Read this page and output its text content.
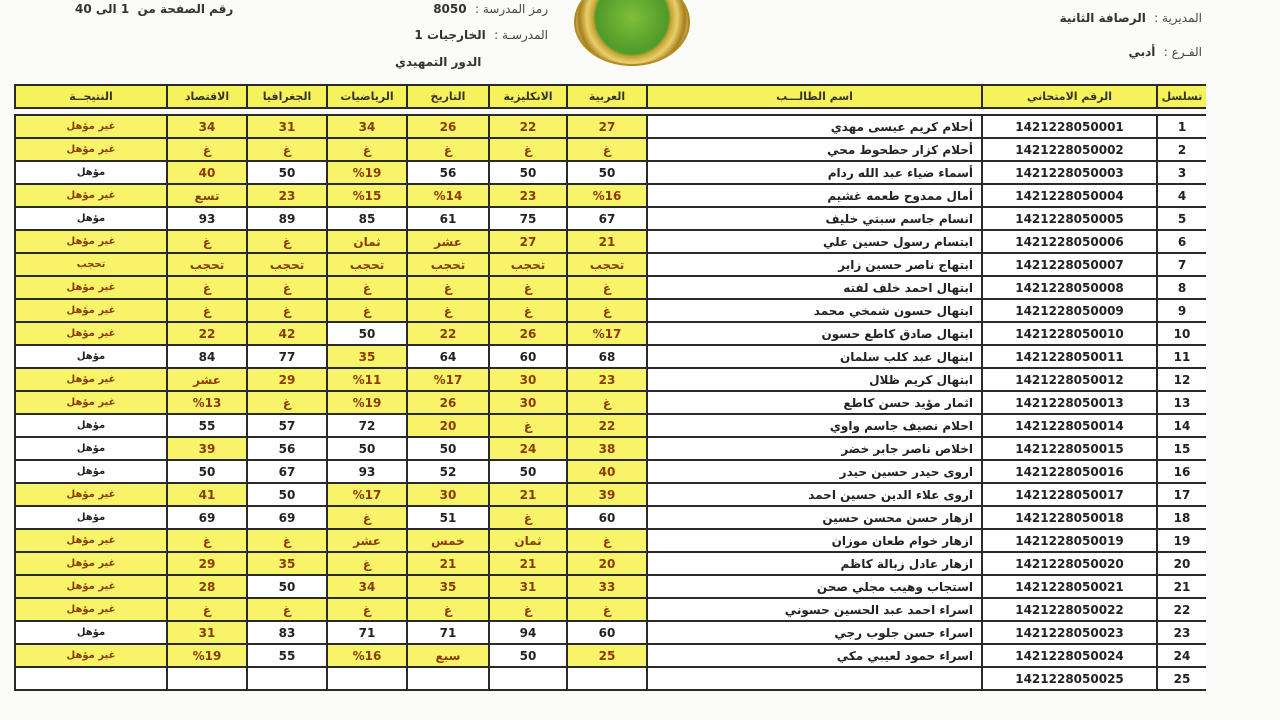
رقم الصفحة من  1 الى 40	رمز المدرسة :  8050
المدرسـة :  الخارجيات 1
الدور التمهيدي
المديرية :  الرصافة الثانية
الفـرع :  أدبي
تسلسل	الرقم الامتحاني	اسم الطالـــب	العربية	الانكليزية	التاريخ	الرياضيات	الجغرافيا	الاقتصاد	النتيجــة

1	1421228050001	أحلام كريم عيسى مهدي	27	22	26	34	31	34	غير مؤهل
2	1421228050002	أحلام كزار حطحوط محي	غ	غ	غ	غ	غ	غ	غير مؤهل
3	1421228050003	أسماء ضياء عبد الله ردام	50	50	56	%19	50	40	مؤهل
4	1421228050004	أمال ممدوح طعمه غشيم	%16	23	%14	%15	23	تسع	غير مؤهل
5	1421228050005	انسام جاسم سبتي خليف	67	75	61	85	89	93	مؤهل
6	1421228050006	ابتسام رسول حسين علي	21	27	عشر	ثمان	غ	غ	غير مؤهل
7	1421228050007	ابتهاج ناصر حسين زاير	تحجب	تحجب	تحجب	تحجب	تحجب	تحجب	تحجب
8	1421228050008	ابتهال احمد خلف لفته	غ	غ	غ	غ	غ	غ	غير مؤهل
9	1421228050009	ابتهال حسون شمخي محمد	غ	غ	غ	غ	غ	غ	غير مؤهل
10	1421228050010	ابتهال صادق كاطع حسون	%17	26	22	50	42	22	غير مؤهل
11	1421228050011	ابتهال عبد كلب سلمان	68	60	64	35	77	84	مؤهل
12	1421228050012	ابتهال كريم ظلال	23	30	%17	%11	29	عشر	غير مؤهل
13	1421228050013	اثمار مؤيد حسن كاطع	غ	30	26	%19	غ	%13	غير مؤهل
14	1421228050014	احلام نصيف جاسم واوي	22	غ	20	72	57	55	مؤهل
15	1421228050015	اخلاص ناصر جابر خضر	38	24	50	50	56	39	مؤهل
16	1421228050016	اروى حيدر حسين حيدر	40	50	52	93	67	50	مؤهل
17	1421228050017	اروى علاء الدين حسين احمد	39	21	30	%17	50	41	غير مؤهل
18	1421228050018	ازهار حسن محسن حسين	60	غ	51	غ	69	69	مؤهل
19	1421228050019	ازهار خوام طعان موزان	غ	ثمان	خمس	عشر	غ	غ	غير مؤهل
20	1421228050020	ازهار عادل زبالة كاظم	20	21	21	غ	35	29	غير مؤهل
21	1421228050021	استجاب وهيب مجلي صحن	33	31	35	34	50	28	غير مؤهل
22	1421228050022	اسراء احمد عبد الحسين حسوني	غ	غ	غ	غ	غ	غ	غير مؤهل
23	1421228050023	اسراء حسن جلوب رجي	60	94	71	71	83	31	مؤهل
24	1421228050024	اسراء حمود لعيبي مكي	25	50	سبع	%16	55	%19	غير مؤهل
25	1421228050025								
